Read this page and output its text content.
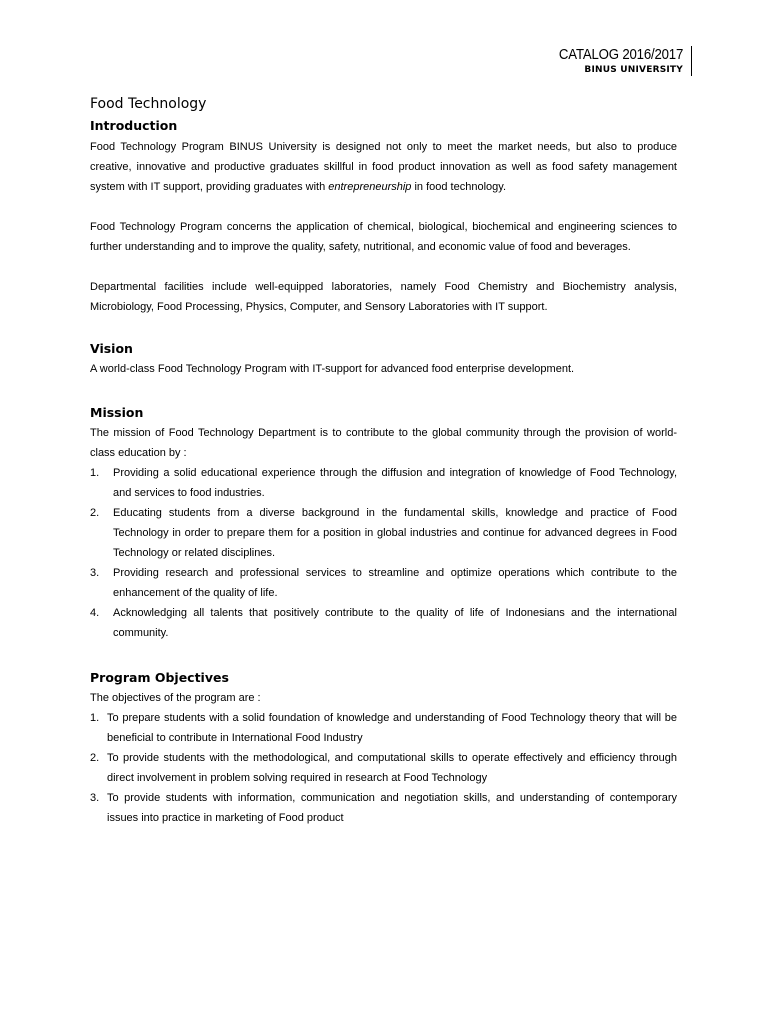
CATALOG 2016/2017
BINUS UNIVERSITY
Food Technology
Introduction

Food Technology Program BINUS University is designed not only to meet the market needs, but also to produce creative, innovative and productive graduates skillful in food product innovation as well as food safety management system with IT support, providing graduates with entrepreneurship in food technology.

Food Technology Program concerns the application of chemical, biological, biochemical and engineering sciences to further understanding and to improve the quality, safety, nutritional, and economic value of food and beverages.

Departmental facilities include well-equipped laboratories, namely Food Chemistry and Biochemistry analysis, Microbiology, Food Processing, Physics, Computer, and Sensory Laboratories with IT support.

Vision

A world-class Food Technology Program with IT-support for advanced food enterprise development.

Mission

The mission of Food Technology Department is to contribute to the global community through the provision of world-class education by :

1.	Providing a solid educational experience through the diffusion and integration of knowledge of Food Technology, and services to food industries.
2.	Educating students from a diverse background in the fundamental skills, knowledge and practice of Food Technology in order to prepare them for a position in global industries and continue for advanced degrees in Food Technology or related disciplines.
3.	Providing research and professional services to streamline and optimize operations which contribute to the enhancement of the quality of life.
4.	Acknowledging all talents that positively contribute to the quality of life of Indonesians and the international community.
Program Objectives

The objectives of the program are :

1. To prepare students with a solid foundation of knowledge and understanding of Food Technology theory that will be beneficial to contribute in International Food Industry
2. To provide students with the methodological, and computational skills to operate effectively and efficiency through direct involvement in problem solving required in research at Food Technology
3. To provide students with information, communication and negotiation skills, and understanding of contemporary issues into practice in marketing of Food product
